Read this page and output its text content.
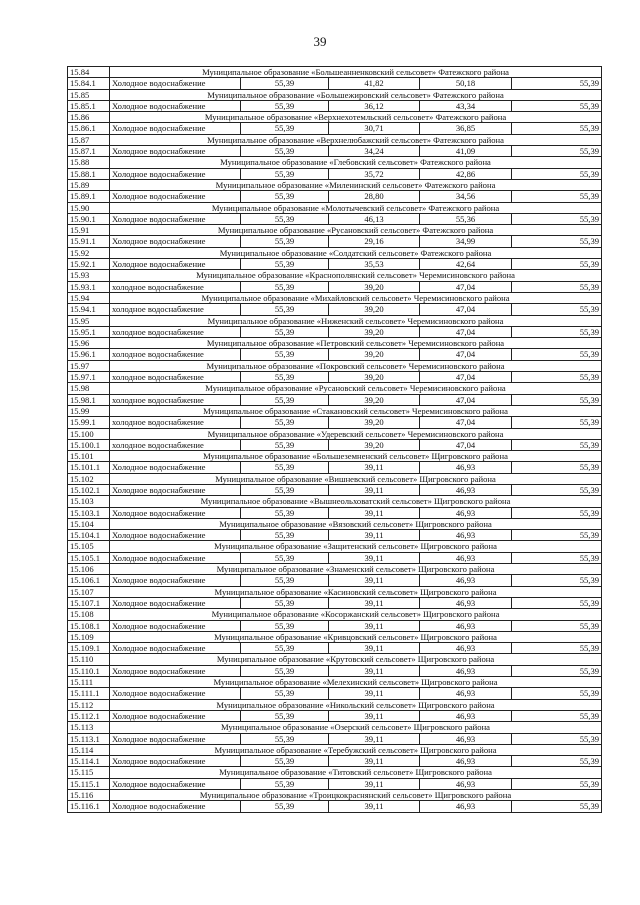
39
15.84	Муниципальное образование «Большеанненковский сельсовет» Фатежского района				
15.84.1	Холодное водоснабжение	55,39	41,82	50,18	55,39
15.85	Муниципальное образование «Большежировский сельсовет» Фатежского района				
15.85.1	Холодное водоснабжение	55,39	36,12	43,34	55,39
15.86	Муниципальное образование «Верхнехотемльский сельсовет» Фатежского района				
15.86.1	Холодное водоснабжение	55,39	30,71	36,85	55,39
15.87	Муниципальное образование «Верхнелюбажский сельсовет» Фатежского района				
15.87.1	Холодное водоснабжение	55,39	34,24	41,09	55,39
15.88	Муниципальное образование «Глебовский сельсовет» Фатежского района				
15.88.1	Холодное водоснабжение	55,39	35,72	42,86	55,39
15.89	Муниципальное образование «Миленинский сельсовет» Фатежского района				
15.89.1	Холодное водоснабжение	55,39	28,80	34,56	55,39
15.90	Муниципальное образование «Молотычевский сельсовет» Фатежского района				
15.90.1	Холодное водоснабжение	55,39	46,13	55,36	55,39
15.91	Муниципальное образование «Русановский сельсовет» Фатежского района				
15.91.1	Холодное водоснабжение	55,39	29,16	34,99	55,39
15.92	Муниципальное образование «Солдатский сельсовет» Фатежского района				
15.92.1	Холодное водоснабжение	55,39	35,53	42,64	55,39
15.93	Муниципальное образование «Краснополянский сельсовет» Черемисиновского района				
15.93.1	холодное водоснабжение	55,39	39,20	47,04	55,39
15.94	Муниципальное образование «Михайловский сельсовет» Черемисиновского района				
15.94.1	холодное водоснабжение	55,39	39,20	47,04	55,39
15.95	Муниципальное образование «Ниженский сельсовет» Черемисиновского района				
15.95.1	холодное водоснабжение	55,39	39,20	47,04	55,39
15.96	Муниципальное образование «Петровский сельсовет» Черемисиновского района				
15.96.1	холодное водоснабжение	55,39	39,20	47,04	55,39
15.97	Муниципальное образование «Покровский сельсовет» Черемисиновского района				
15.97.1	холодное водоснабжение	55,39	39,20	47,04	55,39
15.98	Муниципальное образование «Русановский сельсовет» Черемисиновского района				
15.98.1	холодное водоснабжение	55,39	39,20	47,04	55,39
15.99	Муниципальное образование «Стакановский сельсовет» Черемисиновского района				
15.99.1	холодное водоснабжение	55,39	39,20	47,04	55,39
15.100	Муниципальное образование «Удеревский сельсовет» Черемисиновского района				
15.100.1	холодное водоснабжение	55,39	39,20	47,04	55,39
15.101	Муниципальное образование «Большеземненский сельсовет» Щигровского района				
15.101.1	Холодное водоснабжение	55,39	39,11	46,93	55,39
15.102	Муниципальное образование «Вишневский сельсовет» Щигровского района				
15.102.1	Холодное водоснабжение	55,39	39,11	46,93	55,39
15.103	Муниципальное образование «Вышнеольховатский сельсовет» Щигровского района				
15.103.1	Холодное водоснабжение	55,39	39,11	46,93	55,39
15.104	Муниципальное образование «Вязовский сельсовет» Щигровского района				
15.104.1	Холодное водоснабжение	55,39	39,11	46,93	55,39
15.105	Муниципальное образование «Защитенский сельсовет» Щигровского района				
15.105.1	Холодное водоснабжение	55,39	39,11	46,93	55,39
15.106	Муниципальное образование «Знаменский сельсовет» Щигровского района				
15.106.1	Холодное водоснабжение	55,39	39,11	46,93	55,39
15.107	Муниципальное образование «Касиновский сельсовет» Щигровского района				
15.107.1	Холодное водоснабжение	55,39	39,11	46,93	55,39
15.108	Муниципальное образование «Косоржанский сельсовет» Щигровского района				
15.108.1	Холодное водоснабжение	55,39	39,11	46,93	55,39
15.109	Муниципальное образование «Кривцовский сельсовет» Щигровского района				
15.109.1	Холодное водоснабжение	55,39	39,11	46,93	55,39
15.110	Муниципальное образование «Крутовский сельсовет» Щигровского района				
15.110.1	Холодное водоснабжение	55,39	39,11	46,93	55,39
15.111	Муниципальное образование «Мелехинский сельсовет» Щигровского района				
15.111.1	Холодное водоснабжение	55,39	39,11	46,93	55,39
15.112	Муниципальное образование «Никольский сельсовет» Щигровского района				
15.112.1	Холодное водоснабжение	55,39	39,11	46,93	55,39
15.113	Муниципальное образование «Озерский сельсовет» Щигровского района				
15.113.1	Холодное водоснабжение	55,39	39,11	46,93	55,39
15.114	Муниципальное образование «Теребужский сельсовет» Щигровского района				
15.114.1	Холодное водоснабжение	55,39	39,11	46,93	55,39
15.115	Муниципальное образование «Титовский сельсовет» Щигровского района				
15.115.1	Холодное водоснабжение	55,39	39,11	46,93	55,39
15.116	Муниципальное образование «Троицкокраснянский сельсовет» Щигровского района				
15.116.1	Холодное водоснабжение	55,39	39,11	46,93	55,39
